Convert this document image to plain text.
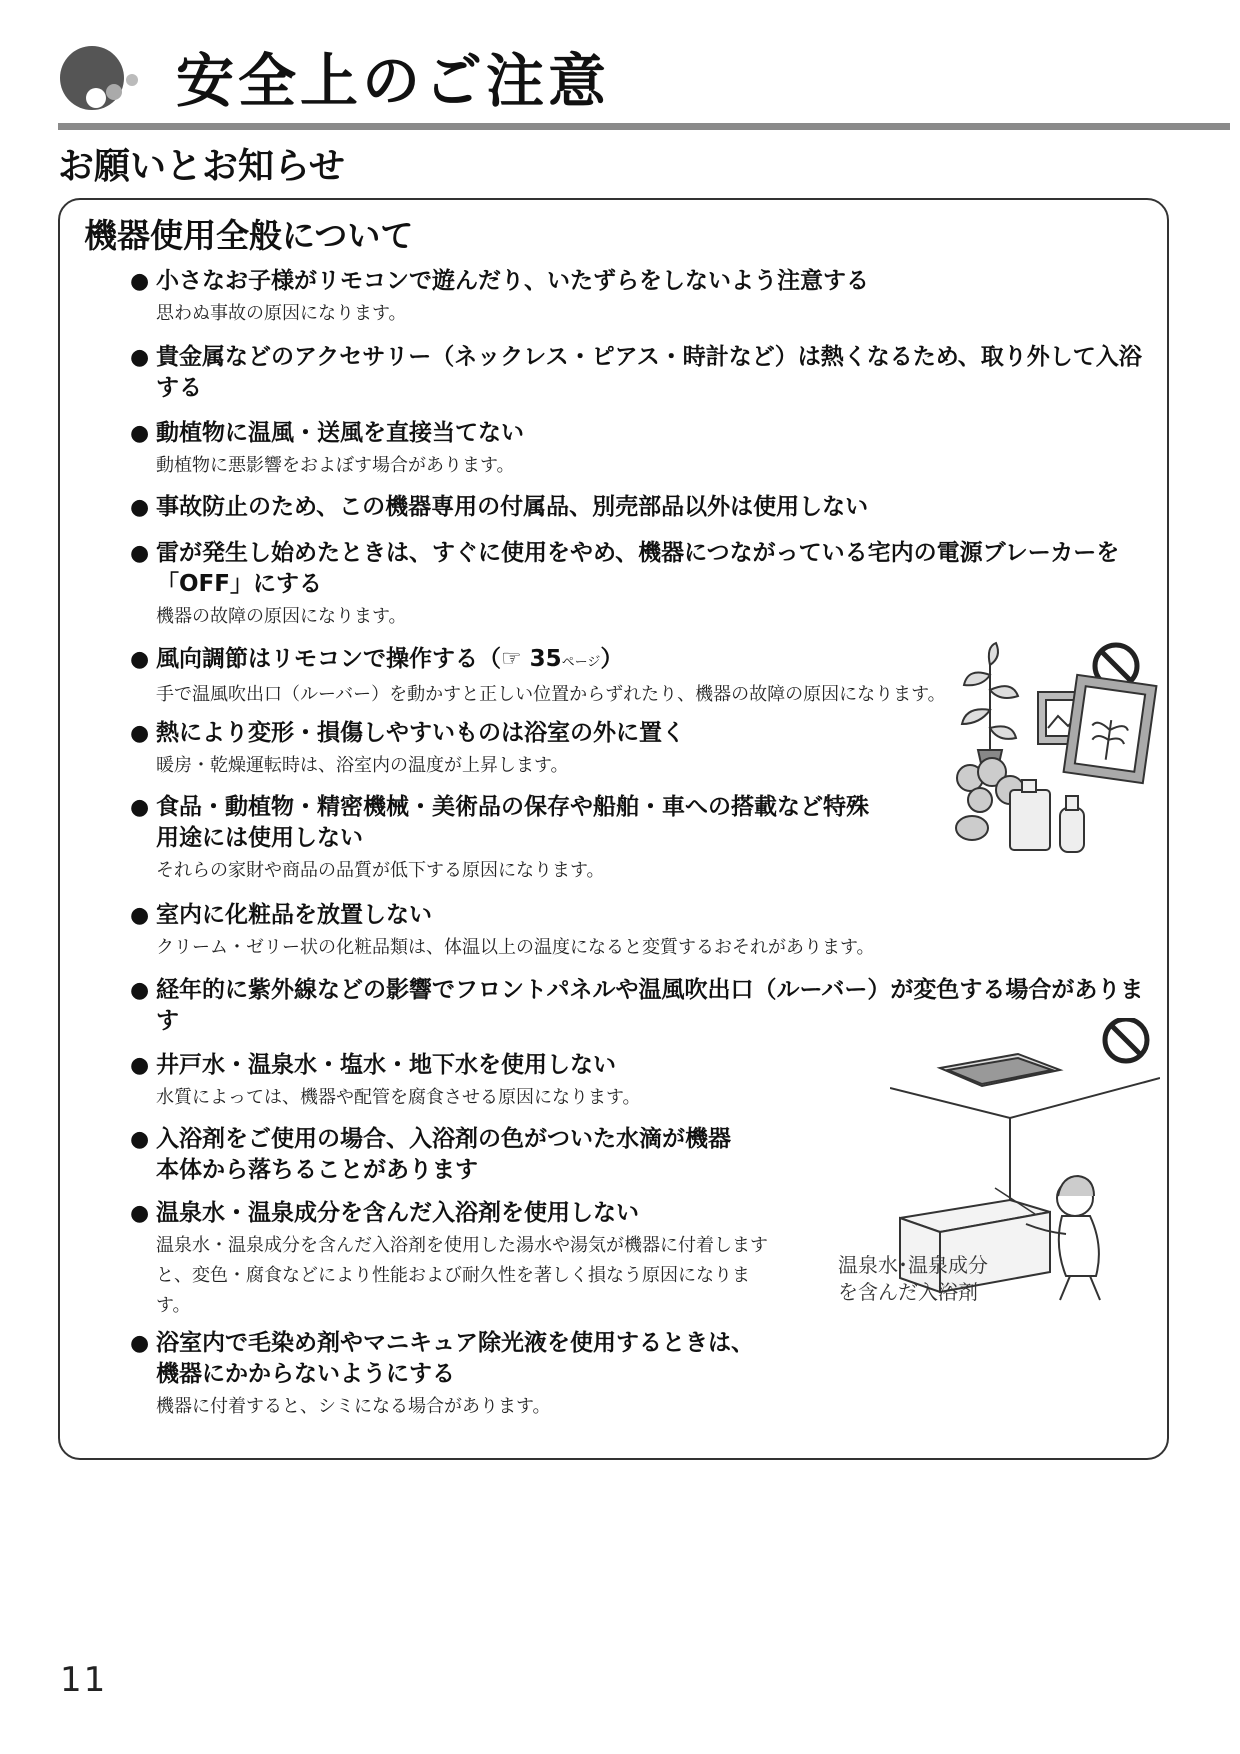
安全上のご注意
お願いとお知らせ
機器使用全般について
● 小さなお子様がリモコンで遊んだり、いたずらをしないよう注意する
思わぬ事故の原因になります。
● 貴金属などのアクセサリー（ネックレス・ピアス・時計など）は熱くなるため、取り外して入浴する
● 動植物に温風・送風を直接当てない
動植物に悪影響をおよぼす場合があります。
● 事故防止のため、この機器専用の付属品、別売部品以外は使用しない
● 雷が発生し始めたときは、すぐに使用をやめ、機器につながっている宅内の電源ブレーカーを「OFF」にする
機器の故障の原因になります。
● 風向調節はリモコンで操作する（☞ 35ページ）
手で温風吹出口（ルーバー）を動かすと正しい位置からずれたり、機器の故障の原因になります。
● 熱により変形・損傷しやすいものは浴室の外に置く
暖房・乾燥運転時は、浴室内の温度が上昇します。
● 食品・動植物・精密機械・美術品の保存や船舶・車への搭載など特殊用途には使用しない
それらの家財や商品の品質が低下する原因になります。
● 室内に化粧品を放置しない
クリーム・ゼリー状の化粧品類は、体温以上の温度になると変質するおそれがあります。
● 経年的に紫外線などの影響でフロントパネルや温風吹出口（ルーバー）が変色する場合があります
● 井戸水・温泉水・塩水・地下水を使用しない
水質によっては、機器や配管を腐食させる原因になります。
● 入浴剤をご使用の場合、入浴剤の色がついた水滴が機器本体から落ちることがあります
● 温泉水・温泉成分を含んだ入浴剤を使用しない
温泉水・温泉成分を含んだ入浴剤を使用した湯水や湯気が機器に付着しますと、変色・腐食などにより性能および耐久性を著しく損なう原因になります。
● 浴室内で毛染め剤やマニキュア除光液を使用するときは、機器にかからないようにする
機器に付着すると、シミになる場合があります。
温泉水･温泉成分を含んだ入浴剤
11
